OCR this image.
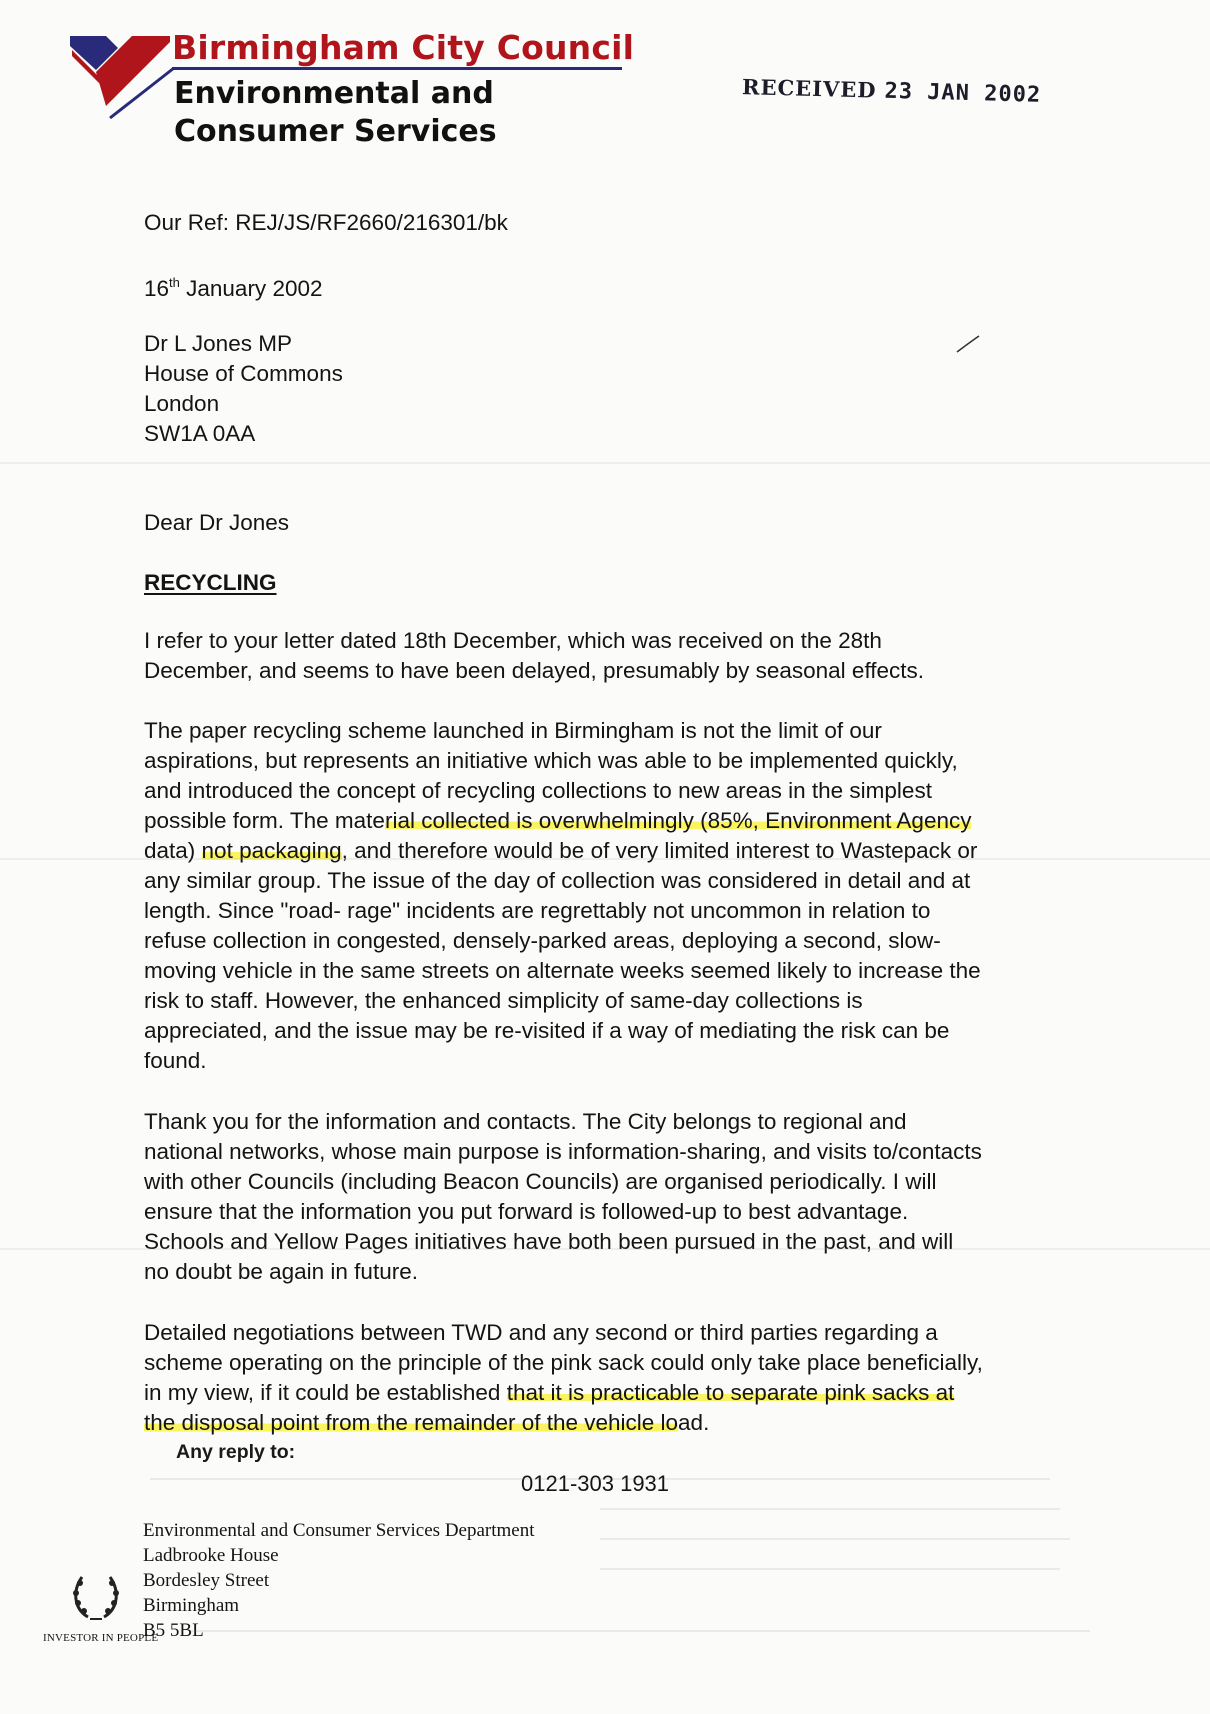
Birmingham City Council
Environmental and
Consumer Services
RECEIVED 23 JAN 2002
Our Ref: REJ/JS/RF2660/216301/bk
16th January 2002
Dr L Jones MP
House of Commons
London
SW1A 0AA
Dear Dr Jones
RECYCLING
I refer to your letter dated 18th December, which was received on the 28th
December, and seems to have been delayed, presumably by seasonal effects.
The paper recycling scheme launched in Birmingham is not the limit of our
aspirations, but represents an initiative which was able to be implemented quickly,
and introduced the concept of recycling collections to new areas in the simplest
possible form. The material collected is overwhelmingly (85%, Environment Agency
data) not packaging, and therefore would be of very limited interest to Wastepack or
any similar group. The issue of the day of collection was considered in detail and at
length. Since "road- rage" incidents are regrettably not uncommon in relation to
refuse collection in congested, densely-parked areas, deploying a second, slow-
moving vehicle in the same streets on alternate weeks seemed likely to increase the
risk to staff. However, the enhanced simplicity of same-day collections is
appreciated, and the issue may be re-visited if a way of mediating the risk can be
found.
Thank you for the information and contacts. The City belongs to regional and
national networks, whose main purpose is information-sharing, and visits to/contacts
with other Councils (including Beacon Councils) are organised periodically. I will
ensure that the information you put forward is followed-up to best advantage.
Schools and Yellow Pages initiatives have both been pursued in the past, and will
no doubt be again in future.
Detailed negotiations between TWD and any second or third parties regarding a
scheme operating on the principle of the pink sack could only take place beneficially,
in my view, if it could be established that it is practicable to separate pink sacks at
the disposal point from the remainder of the vehicle load.
Any reply to:
0121-303 1931
Environmental and Consumer Services Department
Ladbrooke House
Bordesley Street
Birmingham
B5 5BL
INVESTOR IN PEOPLE
